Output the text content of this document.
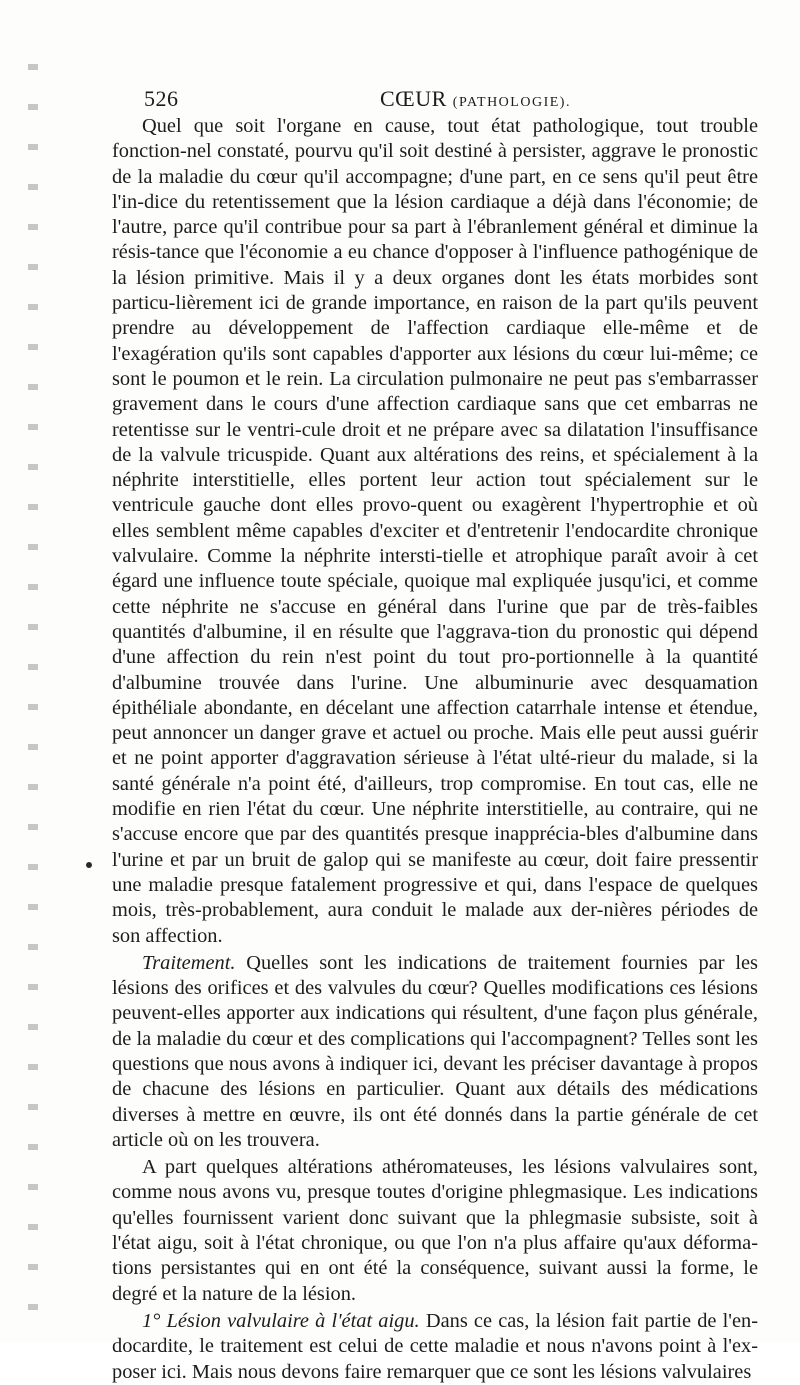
526	CŒUR (PATHOLOGIE).

Quel que soit l'organe en cause, tout état pathologique, tout trouble fonction-nel constaté, pourvu qu'il soit destiné à persister, aggrave le pronostic de la maladie du cœur qu'il accompagne; d'une part, en ce sens qu'il peut être l'in-dice du retentissement que la lésion cardiaque a déjà dans l'économie; de l'autre, parce qu'il contribue pour sa part à l'ébranlement général et diminue la résis-tance que l'économie a eu chance d'opposer à l'influence pathogénique de la lésion primitive. Mais il y a deux organes dont les états morbides sont particu-lièrement ici de grande importance, en raison de la part qu'ils peuvent prendre au développement de l'affection cardiaque elle-même et de l'exagération qu'ils sont capables d'apporter aux lésions du cœur lui-même; ce sont le poumon et le rein. La circulation pulmonaire ne peut pas s'embarrasser gravement dans le cours d'une affection cardiaque sans que cet embarras ne retentisse sur le ventri-cule droit et ne prépare avec sa dilatation l'insuffisance de la valvule tricuspide. Quant aux altérations des reins, et spécialement à la néphrite interstitielle, elles portent leur action tout spécialement sur le ventricule gauche dont elles provo-quent ou exagèrent l'hypertrophie et où elles semblent même capables d'exciter et d'entretenir l'endocardite chronique valvulaire. Comme la néphrite intersti-tielle et atrophique paraît avoir à cet égard une influence toute spéciale, quoique mal expliquée jusqu'ici, et comme cette néphrite ne s'accuse en général dans l'urine que par de très-faibles quantités d'albumine, il en résulte que l'aggrava-tion du pronostic qui dépend d'une affection du rein n'est point du tout pro-portionnelle à la quantité d'albumine trouvée dans l'urine. Une albuminurie avec desquamation épithéliale abondante, en décelant une affection catarrhale intense et étendue, peut annoncer un danger grave et actuel ou proche. Mais elle peut aussi guérir et ne point apporter d'aggravation sérieuse à l'état ulté-rieur du malade, si la santé générale n'a point été, d'ailleurs, trop compromise. En tout cas, elle ne modifie en rien l'état du cœur. Une néphrite interstitielle, au contraire, qui ne s'accuse encore que par des quantités presque inapprécia-bles d'albumine dans l'urine et par un bruit de galop qui se manifeste au cœur, doit faire pressentir une maladie presque fatalement progressive et qui, dans l'espace de quelques mois, très-probablement, aura conduit le malade aux der-nières périodes de son affection.

Traitement. Quelles sont les indications de traitement fournies par les lésions des orifices et des valvules du cœur? Quelles modifications ces lésions peuvent-elles apporter aux indications qui résultent, d'une façon plus générale, de la maladie du cœur et des complications qui l'accompagnent? Telles sont les questions que nous avons à indiquer ici, devant les préciser davantage à propos de chacune des lésions en particulier. Quant aux détails des médications diverses à mettre en œuvre, ils ont été donnés dans la partie générale de cet article où on les trouvera.

A part quelques altérations athéromateuses, les lésions valvulaires sont, comme nous avons vu, presque toutes d'origine phlegmasique. Les indications qu'elles fournissent varient donc suivant que la phlegmasie subsiste, soit à l'état aigu, soit à l'état chronique, ou que l'on n'a plus affaire qu'aux déforma-tions persistantes qui en ont été la conséquence, suivant aussi la forme, le degré et la nature de la lésion.

1° Lésion valvulaire à l'état aigu. Dans ce cas, la lésion fait partie de l'en-docardite, le traitement est celui de cette maladie et nous n'avons point à l'ex-poser ici. Mais nous devons faire remarquer que ce sont les lésions valvulaires
